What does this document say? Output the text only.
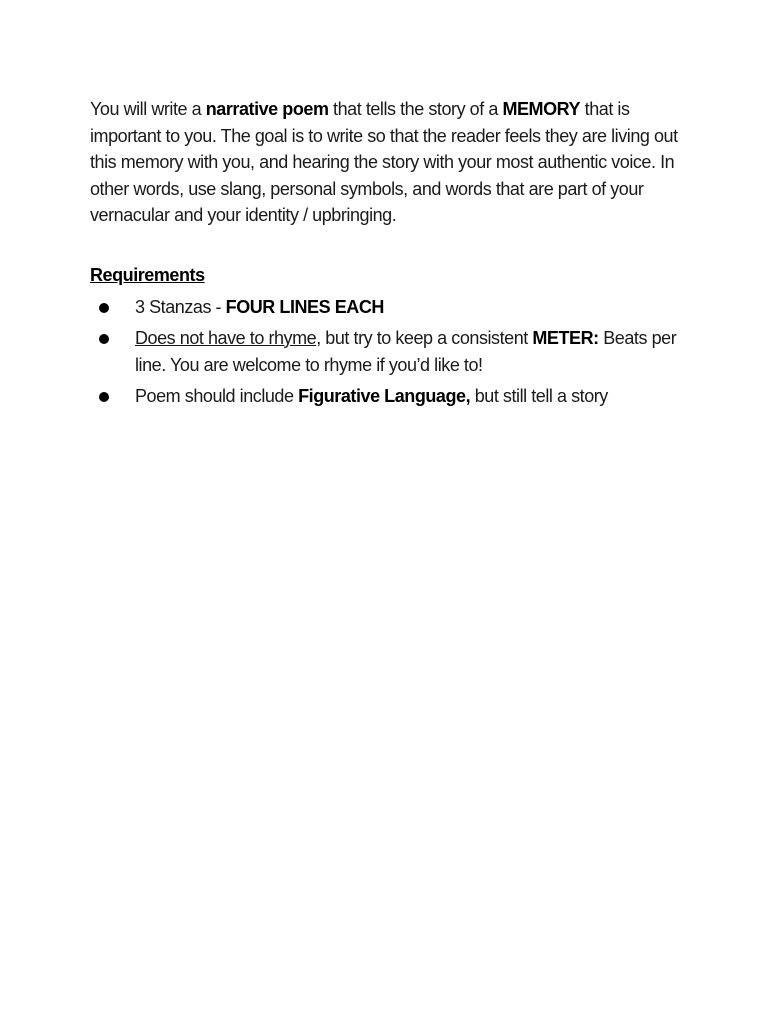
You will write a narrative poem that tells the story of a MEMORY that is important to you. The goal is to write so that the reader feels they are living out this memory with you, and hearing the story with your most authentic voice. In other words, use slang, personal symbols, and words that are part of your vernacular and your identity / upbringing.

Requirements
3 Stanzas - FOUR LINES EACH
Does not have to rhyme, but try to keep a consistent METER: Beats per line. You are welcome to rhyme if you’d like to!
Poem should include Figurative Language, but still tell a story
